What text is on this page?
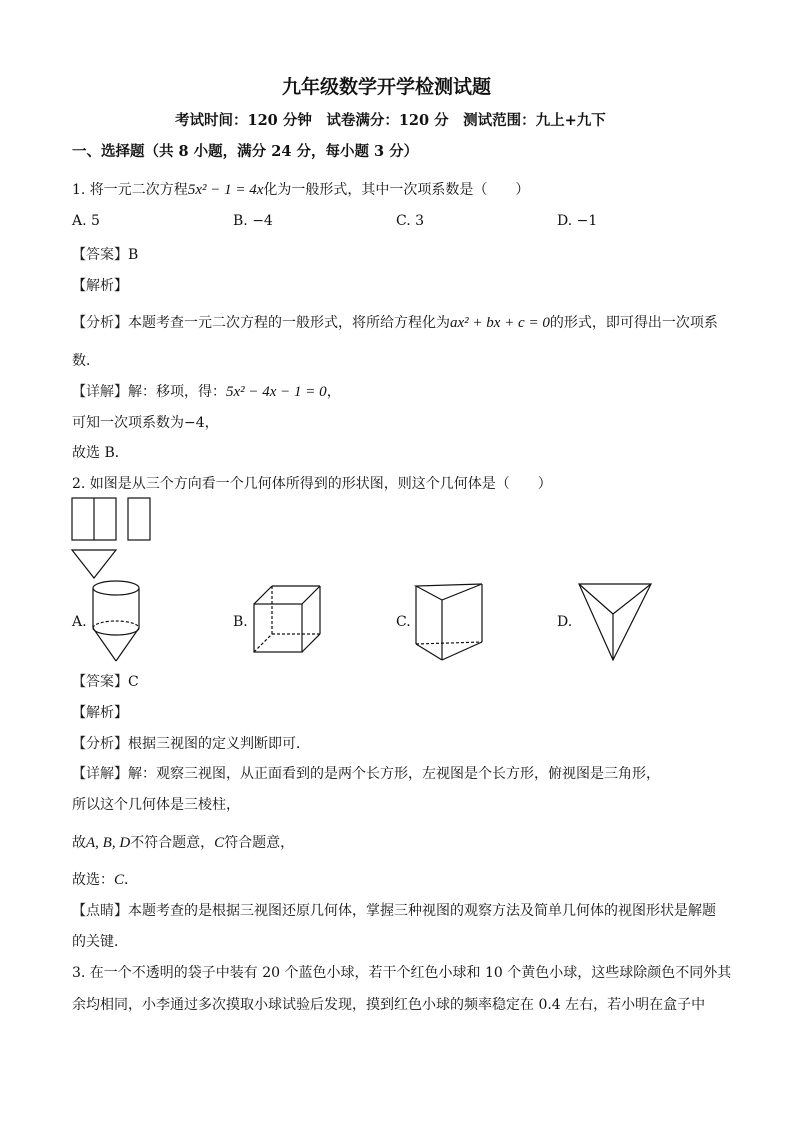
九年级数学开学检测试题
考试时间：120 分钟　试卷满分：120 分　测试范围：九上+九下
一、选择题（共 8 小题，满分 24 分，每小题 3 分）
1. 将一元二次方程5x² − 1 = 4x化为一般形式，其中一次项系数是（　　）
A. 5	B. −4	C. 3	D. −1
【答案】B
【解析】
【分析】本题考查一元二次方程的一般形式，将所给方程化为ax² + bx + c = 0的形式，即可得出一次项系
数．
【详解】解：移项，得：5x² − 4x − 1 = 0，
可知一次项系数为−4，
故选 B．
2. 如图是从三个方向看一个几何体所得到的形状图，则这个几何体是（　　）
A.	B.	C.	D.
【答案】C
【解析】
【分析】根据三视图的定义判断即可．
【详解】解：观察三视图，从正面看到的是两个长方形，左视图是个长方形，俯视图是三角形，
所以这个几何体是三棱柱，
故A, B, D不符合题意，C符合题意，
故选：C．
【点睛】本题考查的是根据三视图还原几何体，掌握三种视图的观察方法及简单几何体的视图形状是解题
的关键．
3. 在一个不透明的袋子中装有 20 个蓝色小球，若干个红色小球和 10 个黄色小球，这些球除颜色不同外其
余均相同，小李通过多次摸取小球试验后发现，摸到红色小球的频率稳定在 0.4 左右，若小明在盒子中
